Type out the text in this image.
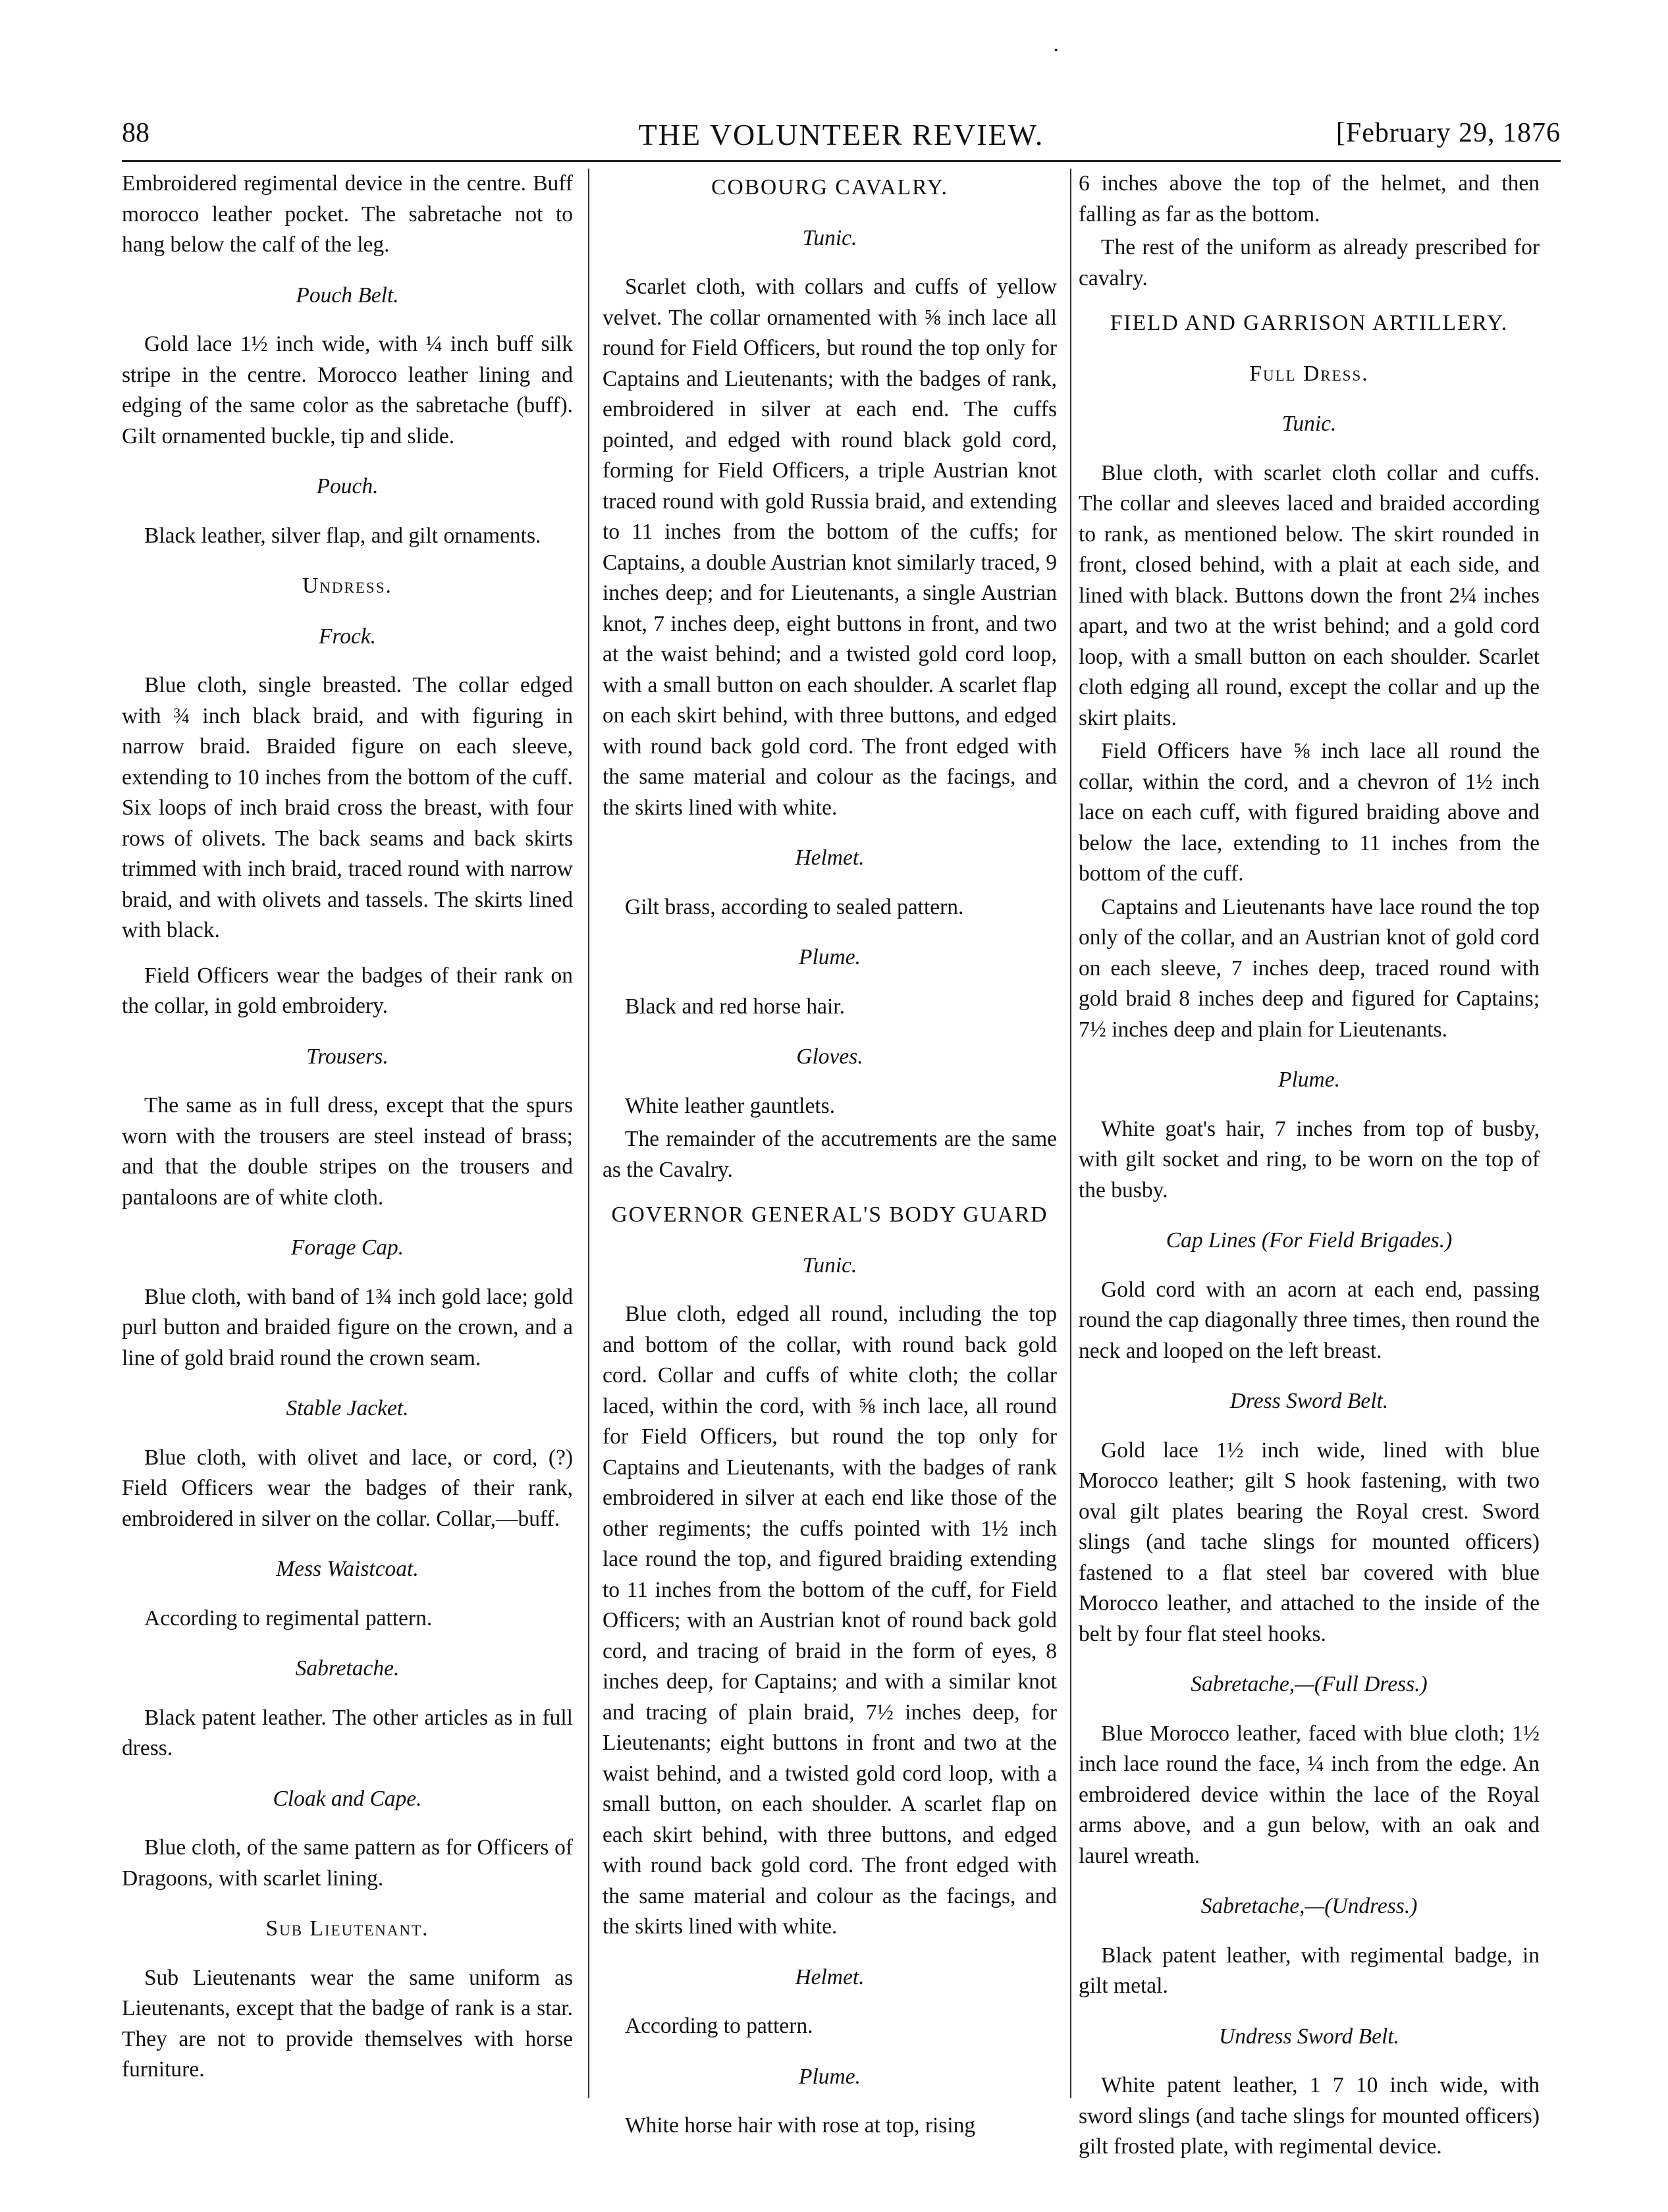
·
88	THE VOLUNTEER REVIEW.	[February 29, 1876

Embroidered regimental device in the centre. Buff morocco leather pocket. The sabretache not to hang below the calf of the leg.

Pouch Belt.

Gold lace 1½ inch wide, with ¼ inch buff silk stripe in the centre. Morocco leather lining and edging of the same color as the sabretache (buff). Gilt ornamented buckle, tip and slide.

Pouch.

Black leather, silver flap, and gilt ornaments.

Undress.
Frock.

Blue cloth, single breasted. The collar edged with ¾ inch black braid, and with figuring in narrow braid. Braided figure on each sleeve, extending to 10 inches from the bottom of the cuff. Six loops of inch braid cross the breast, with four rows of olivets. The back seams and back skirts trimmed with inch braid, traced round with narrow braid, and with olivets and tassels. The skirts lined with black.

Field Officers wear the badges of their rank on the collar, in gold embroidery.

Trousers.

The same as in full dress, except that the spurs worn with the trousers are steel instead of brass; and that the double stripes on the trousers and pantaloons are of white cloth.

Forage Cap.

Blue cloth, with band of 1¾ inch gold lace; gold purl button and braided figure on the crown, and a line of gold braid round the crown seam.

Stable Jacket.

Blue cloth, with olivet and lace, or cord, (?) Field Officers wear the badges of their rank, embroidered in silver on the collar. Collar,—buff.

Mess Waistcoat.

According to regimental pattern.

Sabretache.

Black patent leather. The other articles as in full dress.

Cloak and Cape.

Blue cloth, of the same pattern as for Officers of Dragoons, with scarlet lining.

Sub Lieutenant.

Sub Lieutenants wear the same uniform as Lieutenants, except that the badge of rank is a star. They are not to provide themselves with horse furniture.

COBOURG CAVALRY.
Tunic.

Scarlet cloth, with collars and cuffs of yellow velvet. The collar ornamented with ⅝ inch lace all round for Field Officers, but round the top only for Captains and Lieutenants; with the badges of rank, embroidered in silver at each end. The cuffs pointed, and edged with round black gold cord, forming for Field Officers, a triple Austrian knot traced round with gold Russia braid, and extending to 11 inches from the bottom of the cuffs; for Captains, a double Austrian knot similarly traced, 9 inches deep; and for Lieutenants, a single Austrian knot, 7 inches deep, eight buttons in front, and two at the waist behind; and a twisted gold cord loop, with a small button on each shoulder. A scarlet flap on each skirt behind, with three buttons, and edged with round back gold cord. The front edged with the same material and colour as the facings, and the skirts lined with white.

Helmet.

Gilt brass, according to sealed pattern.

Plume.

Black and red horse hair.

Gloves.

White leather gauntlets.

The remainder of the accutrements are the same as the Cavalry.

GOVERNOR GENERAL'S BODY GUARD
Tunic.

Blue cloth, edged all round, including the top and bottom of the collar, with round back gold cord. Collar and cuffs of white cloth; the collar laced, within the cord, with ⅝ inch lace, all round for Field Officers, but round the top only for Captains and Lieutenants, with the badges of rank embroidered in silver at each end like those of the other regiments; the cuffs pointed with 1½ inch lace round the top, and figured braiding extending to 11 inches from the bottom of the cuff, for Field Officers; with an Austrian knot of round back gold cord, and tracing of braid in the form of eyes, 8 inches deep, for Captains; and with a similar knot and tracing of plain braid, 7½ inches deep, for Lieutenants; eight buttons in front and two at the waist behind, and a twisted gold cord loop, with a small button, on each shoulder. A scarlet flap on each skirt behind, with three buttons, and edged with round back gold cord. The front edged with the same material and colour as the facings, and the skirts lined with white.

Helmet.

According to pattern.

Plume.

White horse hair with rose at top, rising

6 inches above the top of the helmet, and then falling as far as the bottom.

The rest of the uniform as already prescribed for cavalry.

FIELD AND GARRISON ARTILLERY.
Full Dress.
Tunic.

Blue cloth, with scarlet cloth collar and cuffs. The collar and sleeves laced and braided according to rank, as mentioned below. The skirt rounded in front, closed behind, with a plait at each side, and lined with black. Buttons down the front 2¼ inches apart, and two at the wrist behind; and a gold cord loop, with a small button on each shoulder. Scarlet cloth edging all round, except the collar and up the skirt plaits.

Field Officers have ⅝ inch lace all round the collar, within the cord, and a chevron of 1½ inch lace on each cuff, with figured braiding above and below the lace, extending to 11 inches from the bottom of the cuff.

Captains and Lieutenants have lace round the top only of the collar, and an Austrian knot of gold cord on each sleeve, 7 inches deep, traced round with gold braid 8 inches deep and figured for Captains; 7½ inches deep and plain for Lieutenants.

Plume.

White goat's hair, 7 inches from top of busby, with gilt socket and ring, to be worn on the top of the busby.

Cap Lines (For Field Brigades.)

Gold cord with an acorn at each end, passing round the cap diagonally three times, then round the neck and looped on the left breast.

Dress Sword Belt.

Gold lace 1½ inch wide, lined with blue Morocco leather; gilt S hook fastening, with two oval gilt plates bearing the Royal crest. Sword slings (and tache slings for mounted officers) fastened to a flat steel bar covered with blue Morocco leather, and attached to the inside of the belt by four flat steel hooks.

Sabretache,—(Full Dress.)

Blue Morocco leather, faced with blue cloth; 1½ inch lace round the face, ¼ inch from the edge. An embroidered device within the lace of the Royal arms above, and a gun below, with an oak and laurel wreath.

Sabretache,—(Undress.)

Black patent leather, with regimental badge, in gilt metal.

Undress Sword Belt.

White patent leather, 1 7 10 inch wide, with sword slings (and tache slings for mounted officers) gilt frosted plate, with regimental device.
